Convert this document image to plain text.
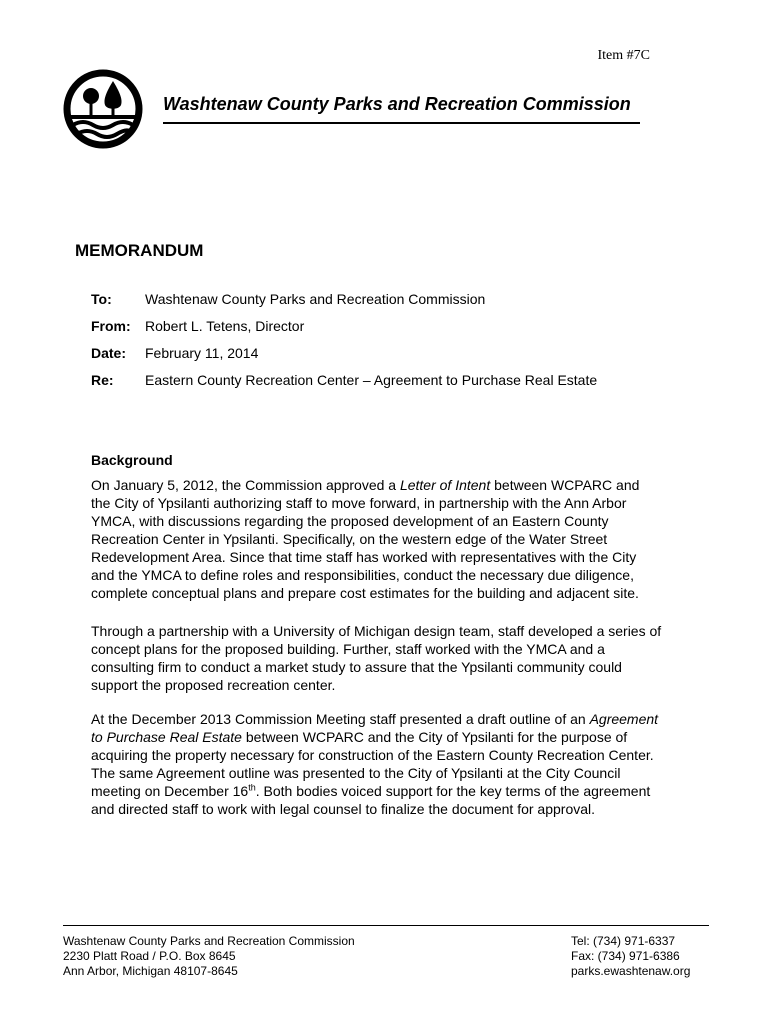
Item #7C
Washtenaw County Parks and Recreation Commission
MEMORANDUM
To: Washtenaw County Parks and Recreation Commission
From: Robert L. Tetens, Director
Date: February 11, 2014
Re: Eastern County Recreation Center – Agreement to Purchase Real Estate
Background
On January 5, 2012, the Commission approved a Letter of Intent between WCPARC and
the City of Ypsilanti authorizing staff to move forward, in partnership with the Ann Arbor
YMCA, with discussions regarding the proposed development of an Eastern County
Recreation Center in Ypsilanti. Specifically, on the western edge of the Water Street
Redevelopment Area. Since that time staff has worked with representatives with the City
and the YMCA to define roles and responsibilities, conduct the necessary due diligence,
complete conceptual plans and prepare cost estimates for the building and adjacent site.
Through a partnership with a University of Michigan design team, staff developed a series of
concept plans for the proposed building. Further, staff worked with the YMCA and a
consulting firm to conduct a market study to assure that the Ypsilanti community could
support the proposed recreation center.
At the December 2013 Commission Meeting staff presented a draft outline of an Agreement
to Purchase Real Estate between WCPARC and the City of Ypsilanti for the purpose of
acquiring the property necessary for construction of the Eastern County Recreation Center.
The same Agreement outline was presented to the City of Ypsilanti at the City Council
meeting on December 16th. Both bodies voiced support for the key terms of the agreement
and directed staff to work with legal counsel to finalize the document for approval.
Washtenaw County Parks and Recreation Commission
2230 Platt Road / P.O. Box 8645
Ann Arbor, Michigan 48107-8645
Tel: (734) 971-6337
Fax: (734) 971-6386
parks.ewashtenaw.org
